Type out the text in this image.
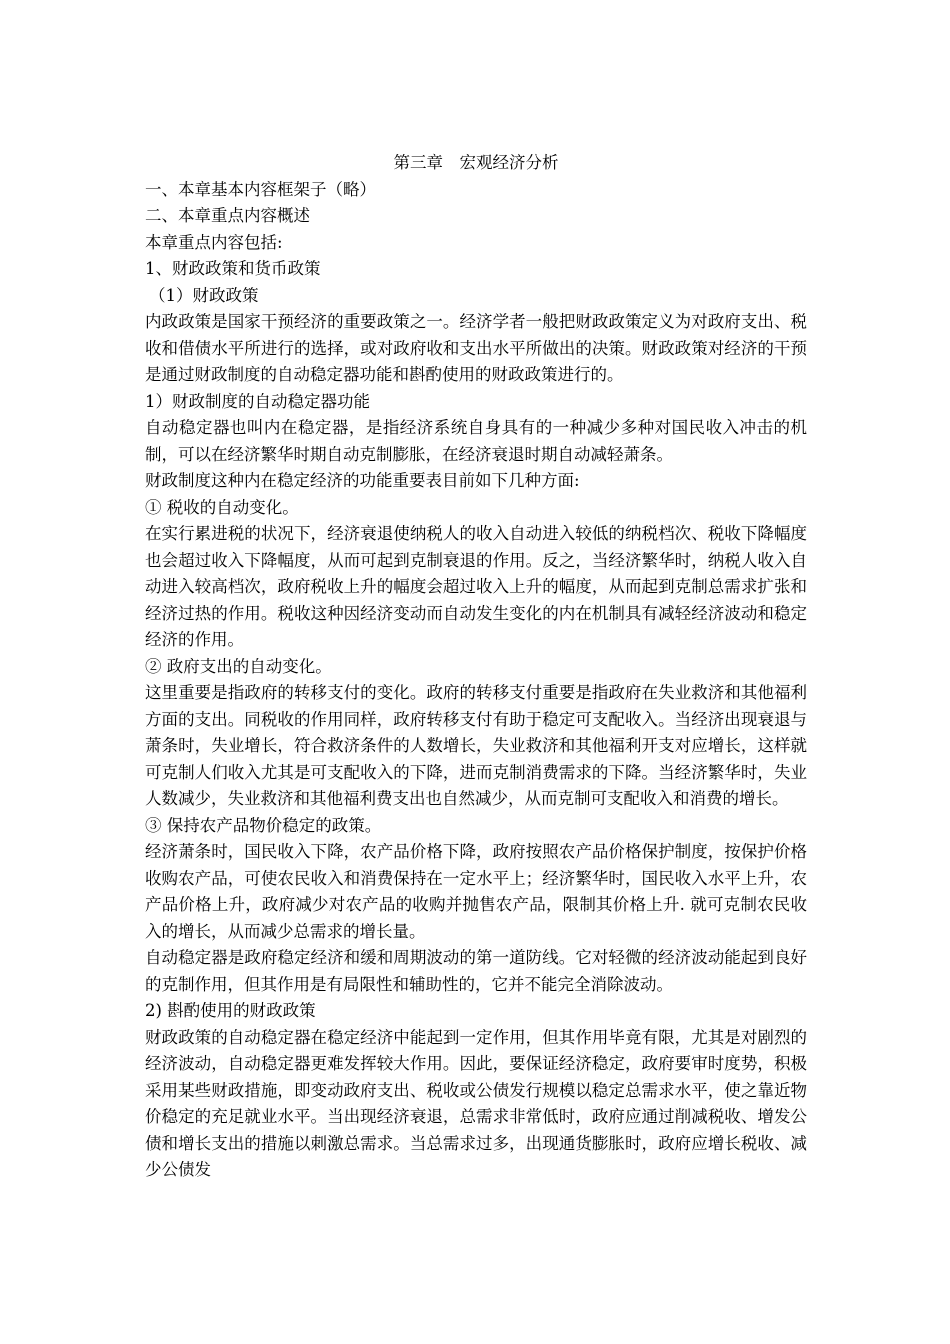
第三章　宏观经济分析

一、本章基本内容框架子（略）

二、本章重点内容概述

本章重点内容包括:

1、财政政策和货币政策

（1）财政政策

内政政策是国家干预经济的重要政策之一。经济学者一般把财政政策定义为对政府支出、税收和借债水平所进行的选择，或对政府收和支出水平所做出的决策。财政政策对经济的干预是通过财政制度的自动稳定器功能和斟酌使用的财政政策进行的。

1）财政制度的自动稳定器功能

自动稳定器也叫内在稳定器，是指经济系统自身具有的一种减少多种对国民收入冲击的机制，可以在经济繁华时期自动克制膨胀，在经济衰退时期自动减轻萧条。

财政制度这种内在稳定经济的功能重要表目前如下几种方面:

① 税收的自动变化。

在实行累进税的状况下，经济衰退使纳税人的收入自动进入较低的纳税档次、税收下降幅度也会超过收入下降幅度，从而可起到克制衰退的作用。反之，当经济繁华时，纳税人收入自动进入较高档次，政府税收上升的幅度会超过收入上升的幅度，从而起到克制总需求扩张和经济过热的作用。税收这种因经济变动而自动发生变化的内在机制具有减轻经济波动和稳定经济的作用。

② 政府支出的自动变化。

这里重要是指政府的转移支付的变化。政府的转移支付重要是指政府在失业救济和其他福利方面的支出。同税收的作用同样，政府转移支付有助于稳定可支配收入。当经济出现衰退与萧条时，失业增长，符合救济条件的人数增长，失业救济和其他福利开支对应增长，这样就可克制人们收入尤其是可支配收入的下降，进而克制消费需求的下降。当经济繁华时，失业人数减少，失业救济和其他福利费支出也自然减少，从而克制可支配收入和消费的增长。

③ 保持农产品物价稳定的政策。

经济萧条时，国民收入下降，农产品价格下降，政府按照农产品价格保护制度，按保护价格收购农产品，可使农民收入和消费保持在一定水平上；经济繁华时，国民收入水平上升，农产品价格上升，政府减少对农产品的收购并抛售农产品，限制其价格上升. 就可克制农民收入的增长，从而减少总需求的增长量。

自动稳定器是政府稳定经济和缓和周期波动的第一道防线。它对轻微的经济波动能起到良好的克制作用，但其作用是有局限性和辅助性的，它并不能完全消除波动。

2) 斟酌使用的财政政策

财政政策的自动稳定器在稳定经济中能起到一定作用，但其作用毕竟有限，尤其是对剧烈的经济波动，自动稳定器更难发挥较大作用。因此，要保证经济稳定，政府要审时度势，积极采用某些财政措施，即变动政府支出、税收或公债发行规模以稳定总需求水平，使之靠近物价稳定的充足就业水平。当出现经济衰退，总需求非常低时，政府应通过削减税收、增发公债和增长支出的措施以刺激总需求。当总需求过多，出现通货膨胀时，政府应增长税收、减少公债发
